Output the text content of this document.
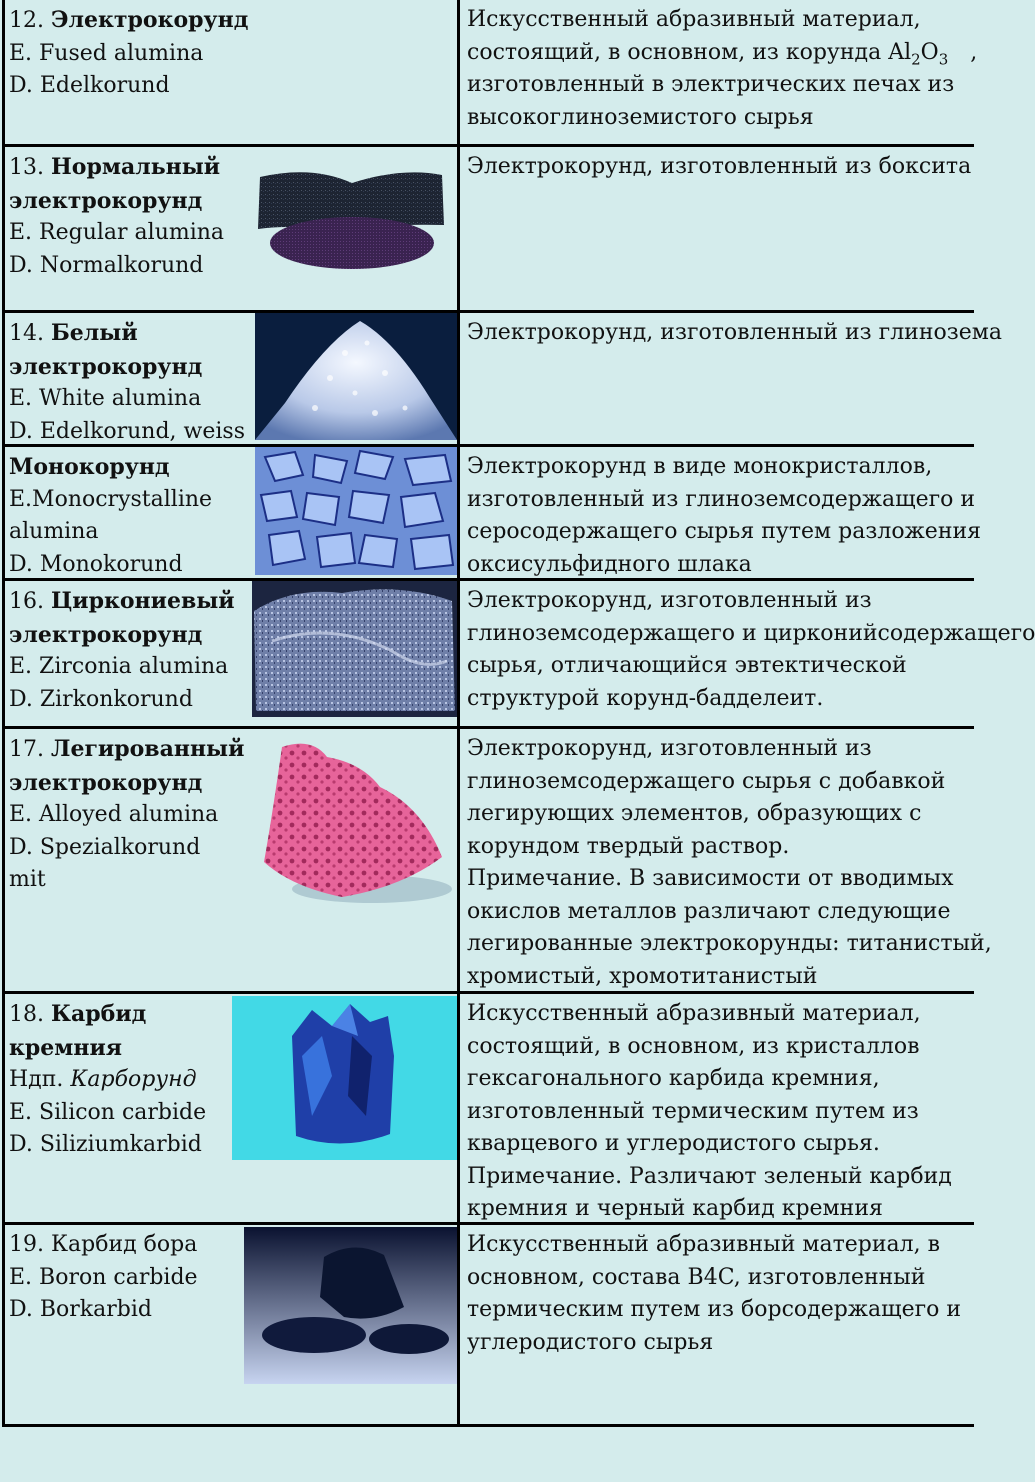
12. Электрокорунд
E. Fused alumina
D. Edelkorund
Искусственный абразивный материал,
состоящий, в основном, из корунда $Al_2O_3$ ,
изготовленный в электрических печах из
высокоглиноземистого сырья
13. Нормальный
электрокорунд
E. Regular alumina
D. Normalkorund
Электрокорунд, изготовленный из боксита
14. Белый
электрокорунд
E. White alumina
D. Edelkorund, weiss
Электрокорунд, изготовленный из глинозема
Монокорунд
E.Monocrystalline
alumina
D. Monokorund
Электрокорунд в виде монокристаллов,
изготовленный из глиноземсодержащего и
серосодержащего сырья путем разложения
оксисульфидного шлака
16. Циркониевый
электрокорунд
E. Zirconia alumina
D. Zirkonkorund
Электрокорунд, изготовленный из
глиноземсодержащего и цирконийсодержащего
сырья, отличающийся эвтектической
структурой корунд-бадделеит.
17. Легированный
электрокорунд
E. Alloyed alumina
D. Spezialkorund
mit
Электрокорунд, изготовленный из
глиноземсодержащего сырья с добавкой
легирующих элементов, образующих с
корундом твердый раствор.
Примечание. В зависимости от вводимых
окислов металлов различают следующие
легированные электрокорунды: титанистый,
хромистый, хромотитанистый
18. Карбид
кремния
Ндп. Карборунд
E. Silicon carbide
D. Siliziumkarbid
Искусственный абразивный материал,
состоящий, в основном, из кристаллов
гексагонального карбида кремния,
изготовленный термическим путем из
кварцевого и углеродистого сырья.
Примечание. Различают зеленый карбид
кремния и черный карбид кремния
19. Карбид бора
E. Boron carbide
D. Borkarbid
Искусственный абразивный материал, в
основном, состава B4C, изготовленный
термическим путем из борсодержащего и
углеродистого сырья
